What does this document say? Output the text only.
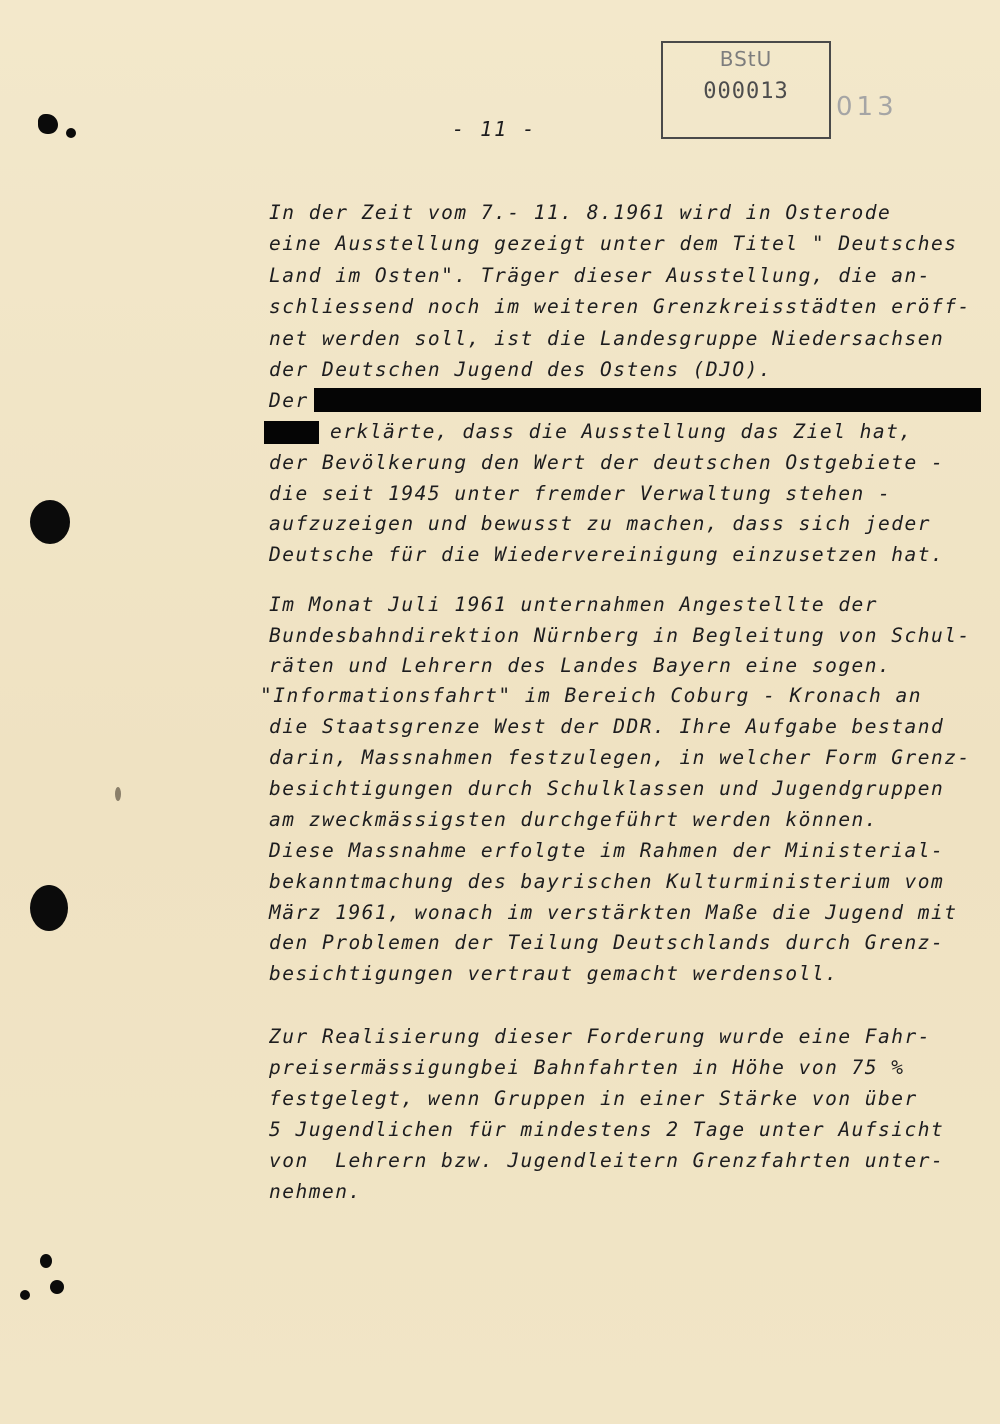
BStU
000013
013
- 11 -
In der Zeit vom 7.- 11. 8.1961 wird in Osterode
eine Ausstellung gezeigt unter dem Titel " Deutsches
Land im Osten". Träger dieser Ausstellung, die an-
schliessend noch im weiteren Grenzkreisstädten eröff-
net werden soll, ist die Landesgruppe Niedersachsen
der Deutschen Jugend des Ostens (DJO).
Der
erklärte, dass die Ausstellung das Ziel hat,
der Bevölkerung den Wert der deutschen Ostgebiete -
die seit 1945 unter fremder Verwaltung stehen -
aufzuzeigen und bewusst zu machen, dass sich jeder
Deutsche für die Wiedervereinigung einzusetzen hat.
Im Monat Juli 1961 unternahmen Angestellte der
Bundesbahndirektion Nürnberg in Begleitung von Schul-
räten und Lehrern des Landes Bayern eine sogen.
"Informationsfahrt" im Bereich Coburg - Kronach an
die Staatsgrenze West der DDR. Ihre Aufgabe bestand
darin, Massnahmen festzulegen, in welcher Form Grenz-
besichtigungen durch Schulklassen und Jugendgruppen
am zweckmässigsten durchgeführt werden können.
Diese Massnahme erfolgte im Rahmen der Ministerial-
bekanntmachung des bayrischen Kulturministerium vom
März 1961, wonach im verstärkten Maße die Jugend mit
den Problemen der Teilung Deutschlands durch Grenz-
besichtigungen vertraut gemacht werdensoll.
Zur Realisierung dieser Forderung wurde eine Fahr-
preisermässigungbei Bahnfahrten in Höhe von 75 %
festgelegt, wenn Gruppen in einer Stärke von über
5 Jugendlichen für mindestens 2 Tage unter Aufsicht
von  Lehrern bzw. Jugendleitern Grenzfahrten unter-
nehmen.
